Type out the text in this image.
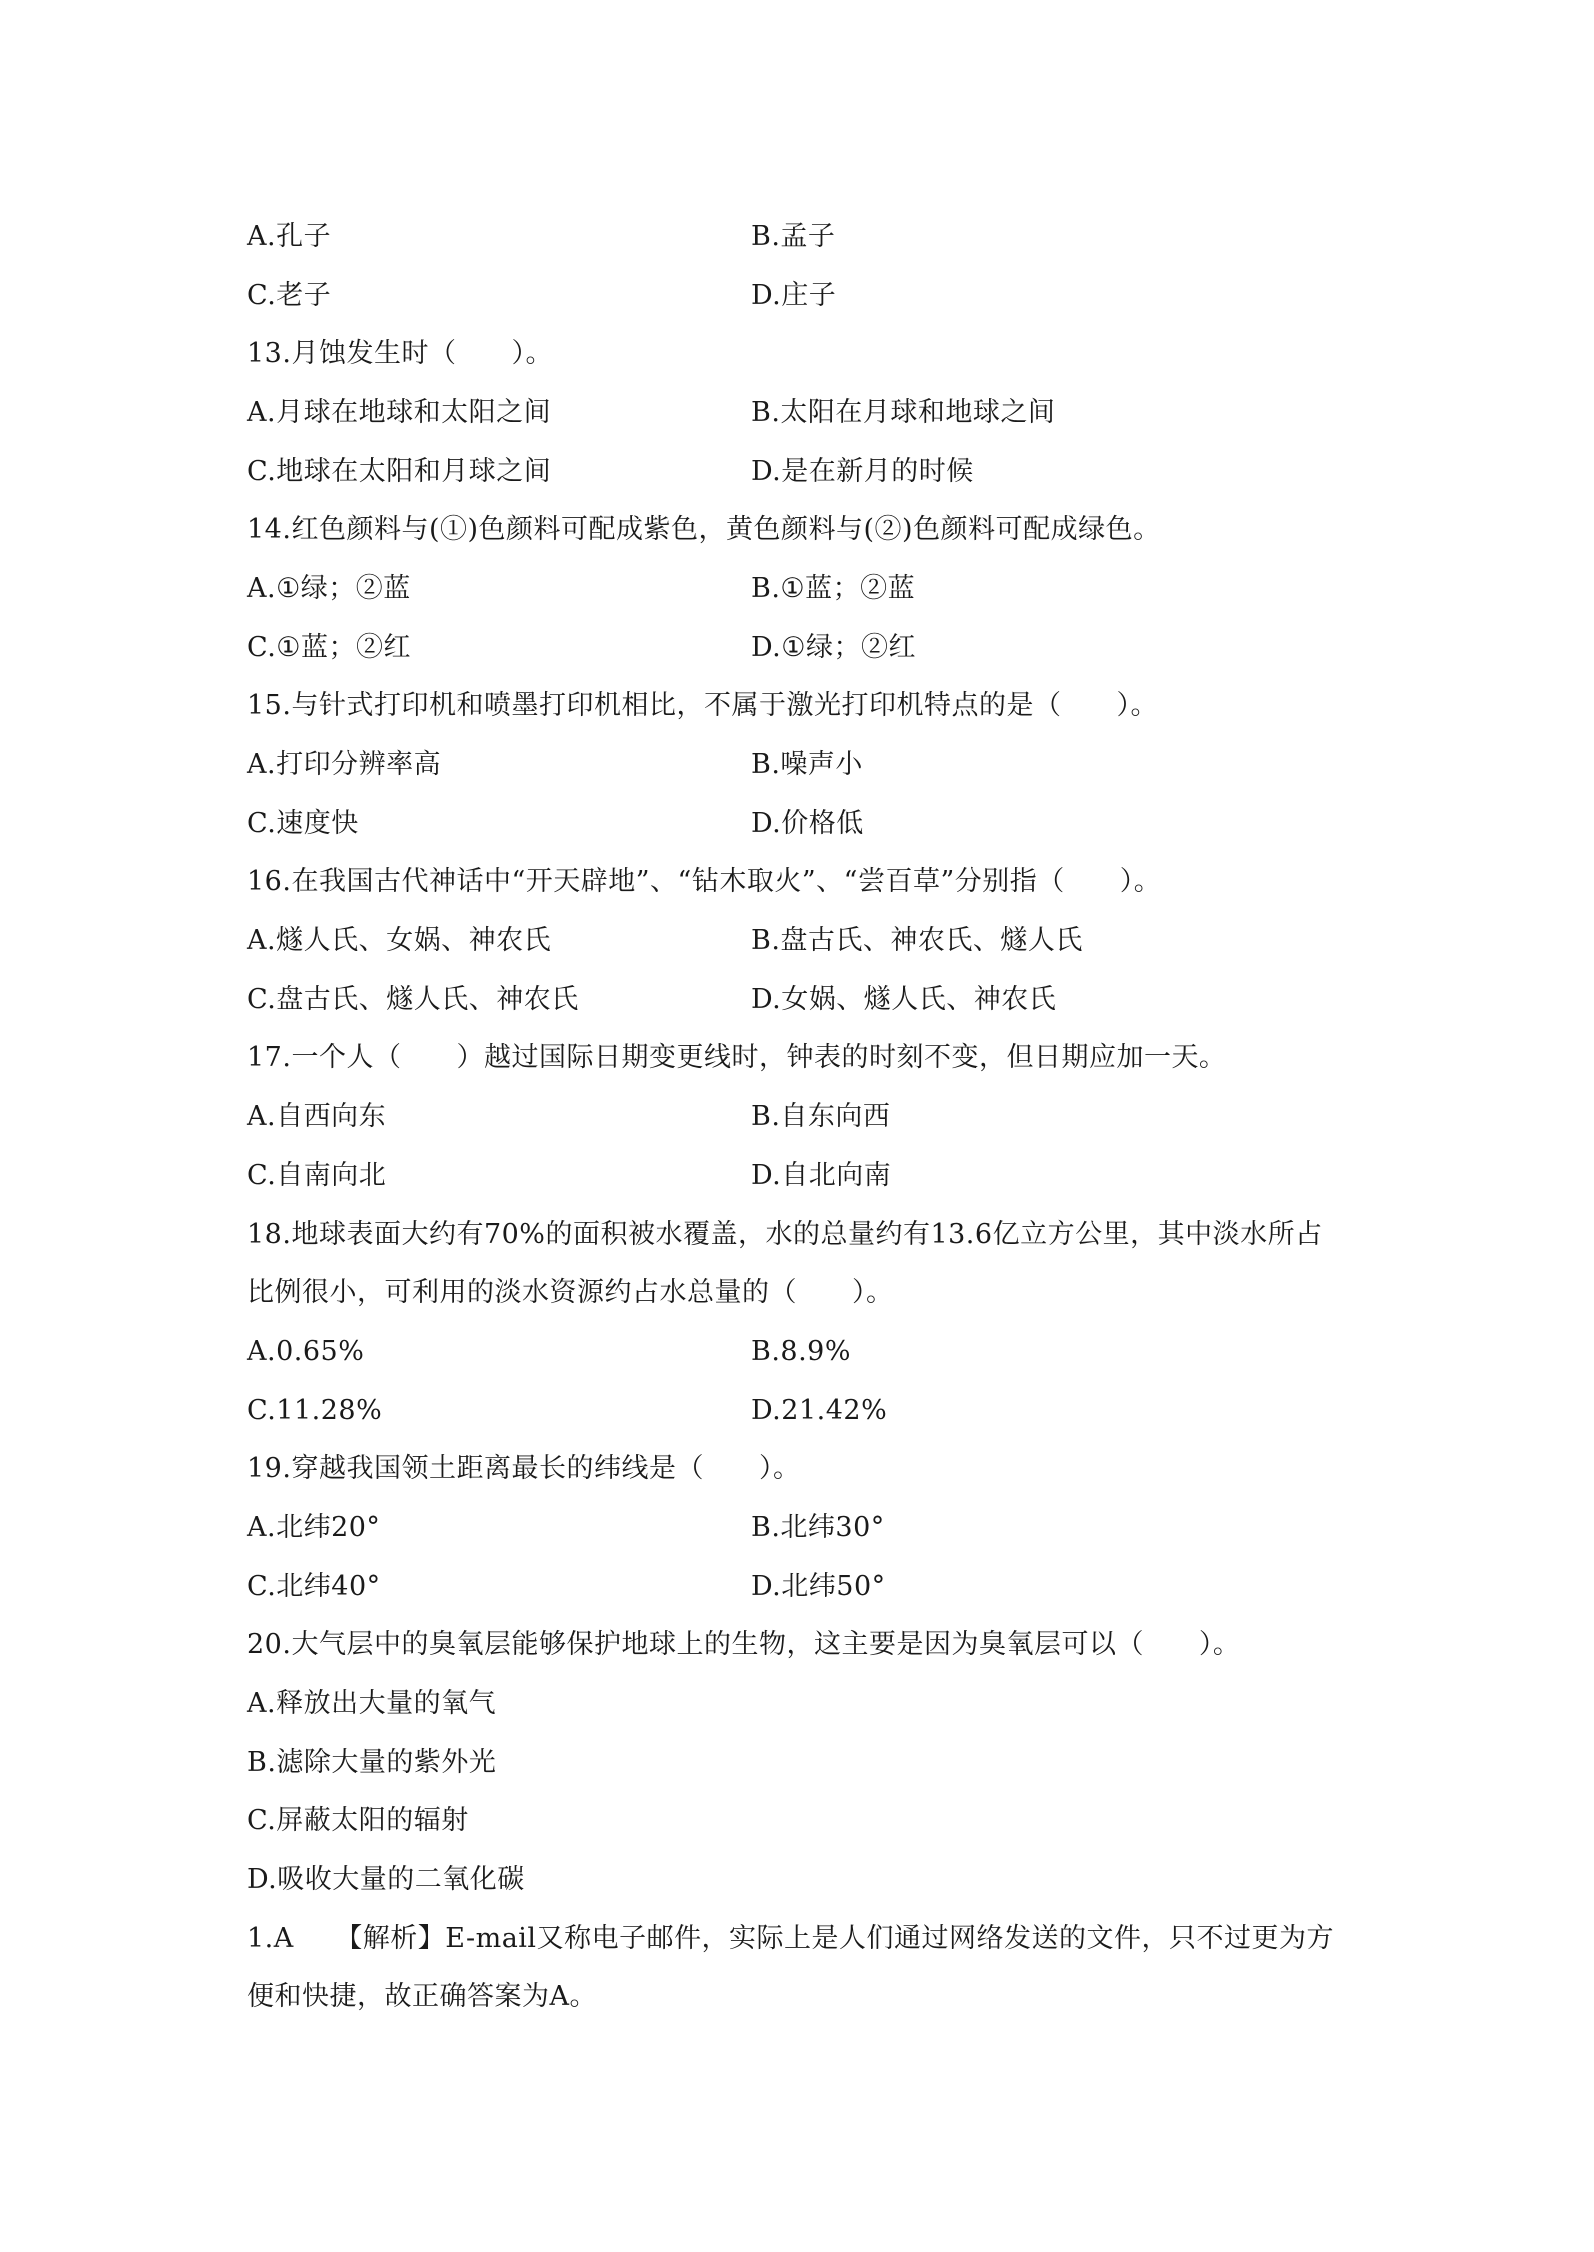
A.孔子	B.孟子
C.老子	D.庄子
13.月蚀发生时（　　）。
A.月球在地球和太阳之间	B.太阳在月球和地球之间
C.地球在太阳和月球之间	D.是在新月的时候
14.红色颜料与(①)色颜料可配成紫色，黄色颜料与(②)色颜料可配成绿色。
A.①绿；②蓝	B.①蓝；②蓝
C.①蓝；②红	D.①绿；②红
15.与针式打印机和喷墨打印机相比，不属于激光打印机特点的是（　　）。
A.打印分辨率高	B.噪声小
C.速度快	D.价格低
16.在我国古代神话中“开天辟地”、“钻木取火”、“尝百草”分别指（　　）。
A.燧人氏、女娲、神农氏	B.盘古氏、神农氏、燧人氏
C.盘古氏、燧人氏、神农氏	D.女娲、燧人氏、神农氏
17.一个人（　　）越过国际日期变更线时，钟表的时刻不变，但日期应加一天。
A.自西向东	B.自东向西
C.自南向北	D.自北向南
18.地球表面大约有70%的面积被水覆盖，水的总量约有13.6亿立方公里，其中淡水所占
比例很小，可利用的淡水资源约占水总量的（　　）。
A.0.65%	B.8.9%
C.11.28%	D.21.42%
19.穿越我国领土距离最长的纬线是（　　）。
A.北纬20°	B.北纬30°
C.北纬40°	D.北纬50°
20.大气层中的臭氧层能够保护地球上的生物，这主要是因为臭氧层可以（　　）。
A.释放出大量的氧气
B.滤除大量的紫外光
C.屏蔽太阳的辐射
D.吸收大量的二氧化碳
1.A　　【解析】E-mail又称电子邮件，实际上是人们通过网络发送的文件，只不过更为方
便和快捷，故正确答案为A。
